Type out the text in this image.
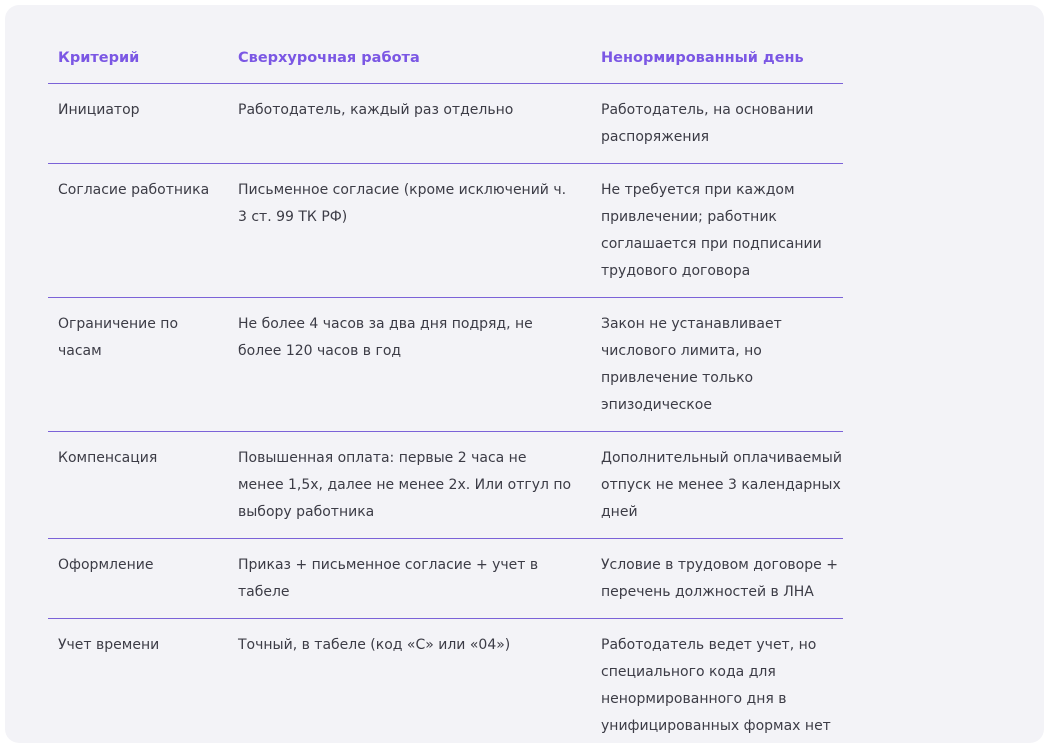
Критерий	Сверхурочная работа	Ненормированный день
Инициатор	Работодатель, каждый раз отдельно	Работодатель, на основании распоряжения
Согласие работника	Письменное согласие (кроме исключений ч. 3 ст. 99 ТК РФ)	Не требуется при каждом привлечении; работник соглашается при подписании трудового договора
Ограничение по часам	Не более 4 часов за два дня подряд, не более 120 часов в год	Закон не устанавливает числового лимита, но привлечение только эпизодическое
Компенсация	Повышенная оплата: первые 2 часа не менее 1,5х, далее не менее 2х. Или отгул по выбору работника	Дополнительный оплачиваемый отпуск не менее 3 календарных дней
Оформление	Приказ + письменное согласие + учет в табеле	Условие в трудовом договоре + перечень должностей в ЛНА
Учет времени	Точный, в табеле (код «С» или «04»)	Работодатель ведет учет, но специального кода для ненормированного дня в унифицированных формах нет
